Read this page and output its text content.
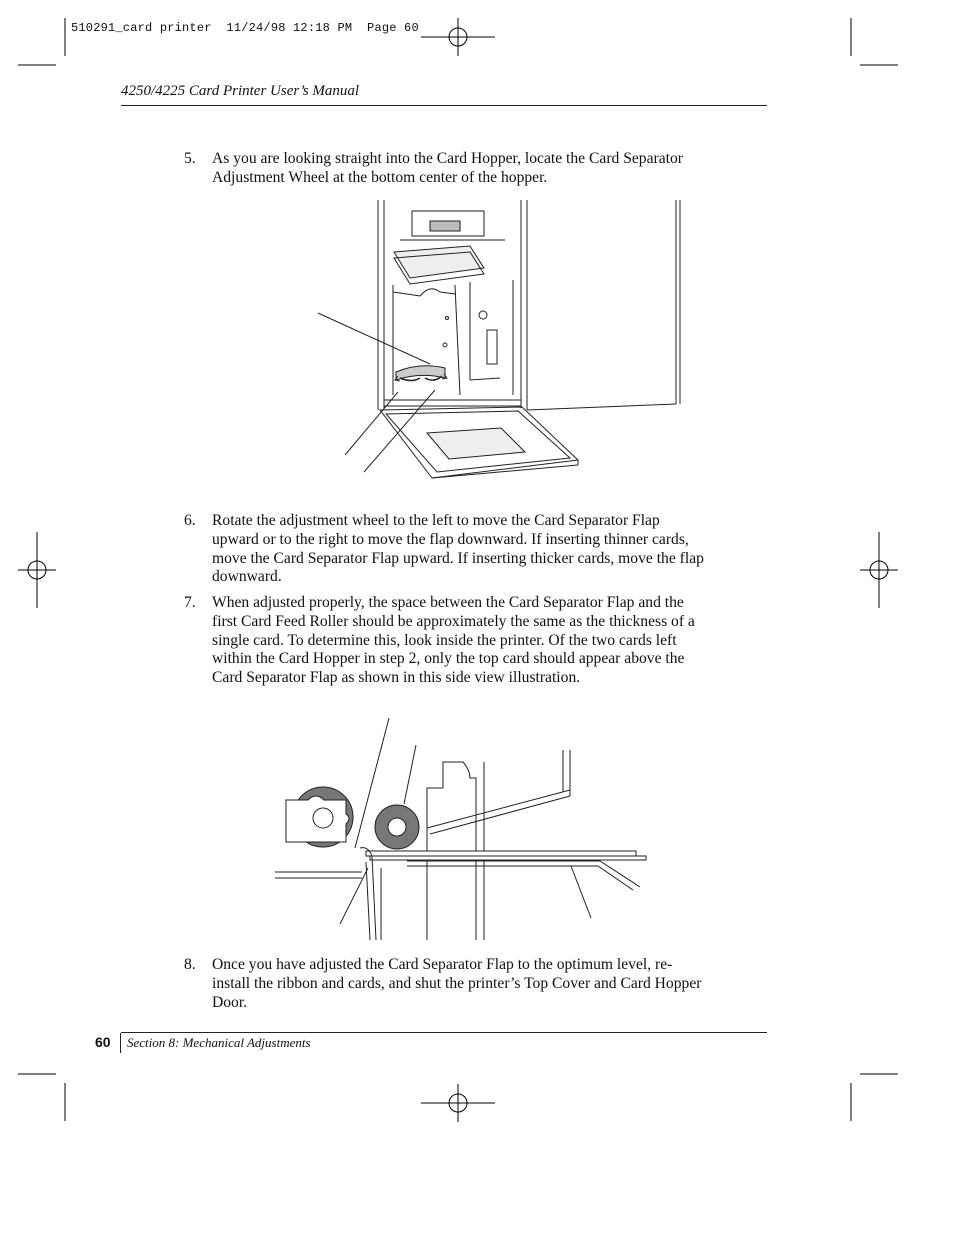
510291_card printer  11/24/98 12:18 PM  Page 60
4250/4225 Card Printer User’s Manual
5.	As you are looking straight into the Card Hopper, locate the Card Separator
Adjustment Wheel at the bottom center of the hopper.
6.	Rotate the adjustment wheel to the left to move the Card Separator Flap
upward or to the right to move the flap downward. If inserting thinner cards,
move the Card Separator Flap upward. If inserting thicker cards, move the flap
downward.
7.	When adjusted properly, the space between the Card Separator Flap and the
first Card Feed Roller should be approximately the same as the thickness of a
single card. To determine this, look inside the printer. Of the two cards left
within the Card Hopper in step 2, only the top card should appear above the
Card Separator Flap as shown in this side view illustration.
8.	Once you have adjusted the Card Separator Flap to the optimum level, re-
install the ribbon and cards, and shut the printer’s Top Cover and Card Hopper
Door.
60 Section 8: Mechanical Adjustments
